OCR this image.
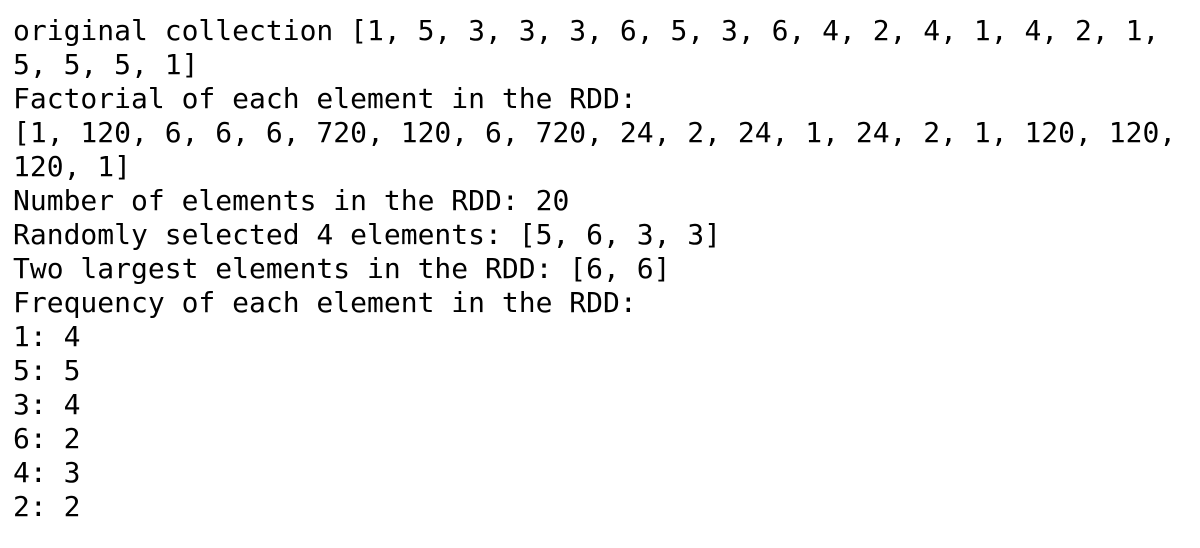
original collection [1, 5, 3, 3, 3, 6, 5, 3, 6, 4, 2, 4, 1, 4, 2, 1,
5, 5, 5, 1]
Factorial of each element in the RDD:
[1, 120, 6, 6, 6, 720, 120, 6, 720, 24, 2, 24, 1, 24, 2, 1, 120, 120,
120, 1]
Number of elements in the RDD: 20
Randomly selected 4 elements: [5, 6, 3, 3]
Two largest elements in the RDD: [6, 6]
Frequency of each element in the RDD:
1: 4
5: 5
3: 4
6: 2
4: 3
2: 2
